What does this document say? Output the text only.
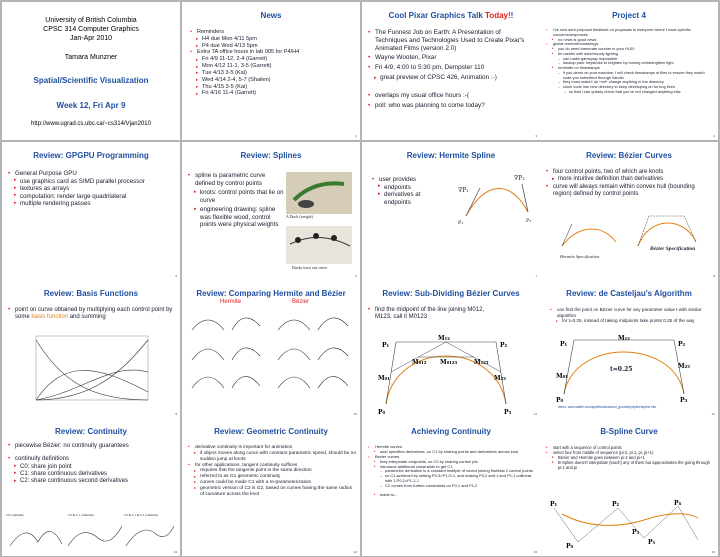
University of British Columbia
CPSC 314 Computer Graphics
Jan-Apr 2010
Tamara Munzner
Spatial/Scientific Visualization
Week 12, Fri Apr 9
http://www.ugrad.cs.ubc.ca/~cs314/Vjan2010
News
• Reminders
▸ H4 due Mon 4/11 5pm
▸ P4 due Wed 4/13 5pm
• Extra TA office hours in lab 005 for P4/H4
▸ Fri 4/9 11-12, 2-4 (Garrett)
▸ Mon 4/12 11-1, 3-5 (Garrett)
▸ Tue 4/13 3-5 (Kai)
▸ Wed 4/14 2-4, 5-7 (Shailen)
▸ Thu 4/15 3-5 (Kai)
▸ Fri 4/16 11-4 (Garrett)
2
Cool Pixar Graphics Talk Today!!
• The Funnest Job on Earth: A Presentation of Techniques and Technologies Used to Create Pixar's Animated Films (version 2.0)
• Wayne Wooten, Pixar
• Fri 4/9, 4:00 to 5:30 pm, Dempster 110
▸ great preview of CPSC 426, Animation :-)
• overlaps my usual office hours :-(
• poll: who was planning to come today?
3
Project 4
• I've now sent proposal feedback on proposals to everyone where I have specific concerns/responses
▸ no news is good news
• global reminders/warnings
▸ you do need framerate counter in your HUD!
▸ be careful with dark/moody lighting
– can make gameplay impossible
– backup plan: keystroke to brighten by turning on/strengthen light
▸ reminder on timestamps
– if you demo on your machine, I will check timestamps of files to ensure they match code you submitted through handin
– they must match! do *not* change anything in the directory
– clone code into new directory to keep developing on for bug fixes
– so that I can quickly check that you've not changed anything else
4
Review: GPGPU Programming
• General Purpose GPU
▸ use graphics card as SIMD parallel processor
▸ textures as arrays
▸ computation: render large quadrilateral
▸ multiple rendering passes
5
Review: Splines
• spline is parametric curve defined by control points
▸ knots: control points that lie on curve
▸ engineering drawing: spline was flexible wood, control points were physical weights
A Duck (weight)
Ducks trace out curve
6
Review: Hermite Spline
• user provides
▸ endpoints
▸ derivatives at endpoints
∇P₁
∇P₂
P₁	P₂
7
Review: Bézier Curves
• four control points, two of which are knots
▸ more intuitive definition than derivatives
• curve will always remain within convex hull (bounding region) defined by control points
Hermite Specification
Bézier Specification
8
Review: Basis Functions
• point on curve obtained by multiplying each control point by some basis function and summing
9
Review: Comparing Hermite and Bézier
Hermite	Bézier
10
Review: Sub-Dividing Bézier Curves
• find the midpoint of the line joining M012, M123, call it M0123
P₁
M₁₂
P₂
M₀₁₂ M₀₁₂₃	M₁₂₃
M₀₁	M₂₃
P₀	P₃	11
Review: de Casteljau's Algorithm
• can find the point on Bézier curve for any parameter value t with similar algorithm
▸ for t=0.25, instead of taking midpoints take points 0.25 of the way
P₁
M₁₂
P₂
M₂₃
M₀₁
P₀	P₃
t=0.25
demo: www.saltire.com/applets/advanced_geometry/spline/spline.htm
12
Review: Continuity
• piecewise Bézier: no continuity guarantees
• continuity definitions
▸ C0: share join point
▸ C1: share continuous derivatives
▸ C2: share continuous second derivatives
C0 continuity	C0 & C1 continuity	C0 & C1 & C2 continuity
13
Review: Geometric Continuity
• derivative continuity is important for animation
▸ if object moves along curve with constant parametric speed, should be no sudden jump at knots
• for other applications, tangent continuity suffices
▸ requires that the tangents point in the same direction
▸ referred to as G1 geometric continuity
▸ curves could be made C1 with a re-parameterization
▸ geometric version of C2 is G2, based on curves having the same radius of curvature across the knot
14
Achieving Continuity
• Hermite curves
▸ user specifies derivatives, so C1 by sharing points and derivatives across knot
• Bezier curves
▸ they interpolate endpoints, so C0 by sharing control pts
▸ introduce additional constraints to get C1
– parametric derivative is a constant multiple of vector joining first/last 2 control points
– so C1 achieved by setting P0,3=P1,0=J, and making P0,2 and J and P1,1 collinear, with J-P0,2=P1,1-J
– C2 comes from further constraints on P0,1 and P1,2
▸ leads to...
15
B-Spline Curve
• start with a sequence of control points
• select four from middle of sequence (pi-2, pi-1, pi, pi+1)
▸ Bezier and Hermite goes between pi-2 and pi+1
▸ B-Spline doesn't interpolate (touch) any of them but approximates the going through pi-1 and pi
P₁	P₂	P₄
P₃
P₅
P₀
16
